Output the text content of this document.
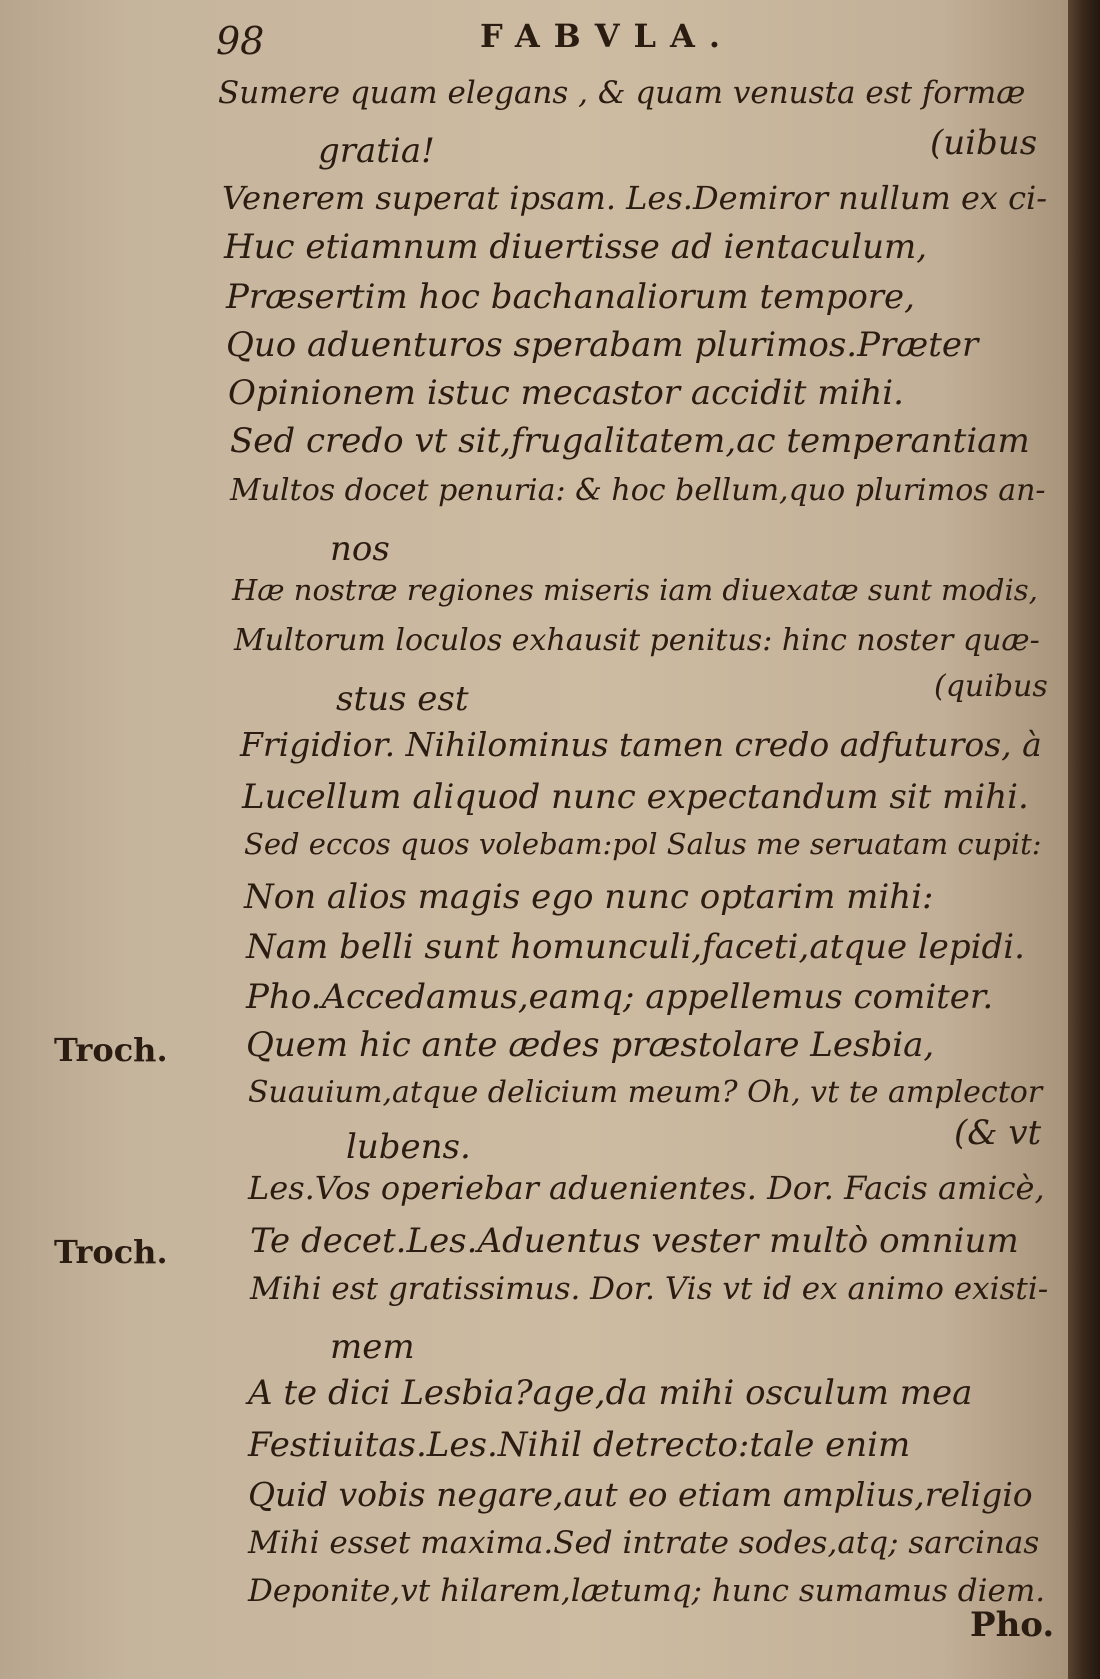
98	FABVLA.
Sumere quam elegans , & quam venusta est formæ
gratia!	(uibus
Venerem superat ipsam. Les.Demiror nullum ex ci-
Huc etiamnum diuertisse ad ientaculum,
Præsertim hoc bachanaliorum tempore,
Quo aduenturos sperabam plurimos.Præter
Opinionem istuc mecastor accidit mihi.
Sed credo vt sit,frugalitatem,ac temperantiam
Multos docet penuria: & hoc bellum,quo plurimos an-
nos
Hæ nostræ regiones miseris iam diuexatæ sunt modis,
Multorum loculos exhausit penitus: hinc noster quæ-
stus est	(quibus
Frigidior. Nihilominus tamen credo adfuturos, à
Lucellum aliquod nunc expectandum sit mihi.
Sed eccos quos volebam:pol Salus me seruatam cupit:
Non alios magis ego nunc optarim mihi:
Nam belli sunt homunculi,faceti,atque lepidi.
Pho.Accedamus,eamq; appellemus comiter.
Quem hic ante ædes præstolare Lesbia,
Suauium,atque delicium meum? Oh, vt te amplector
lubens.	(& vt
Les.Vos operiebar aduenientes. Dor. Facis amicè,
Te decet.Les.Aduentus vester multò omnium
Mihi est gratissimus. Dor. Vis vt id ex animo existi-
mem
A te dici Lesbia?age,da mihi osculum mea
Festiuitas.Les.Nihil detrecto:tale enim
Quid vobis negare,aut eo etiam amplius,religio
Mihi esset maxima.Sed intrate sodes,atq; sarcinas
Deponite,vt hilarem,lætumq; hunc sumamus diem.
Troch.
Troch.
Pho.
